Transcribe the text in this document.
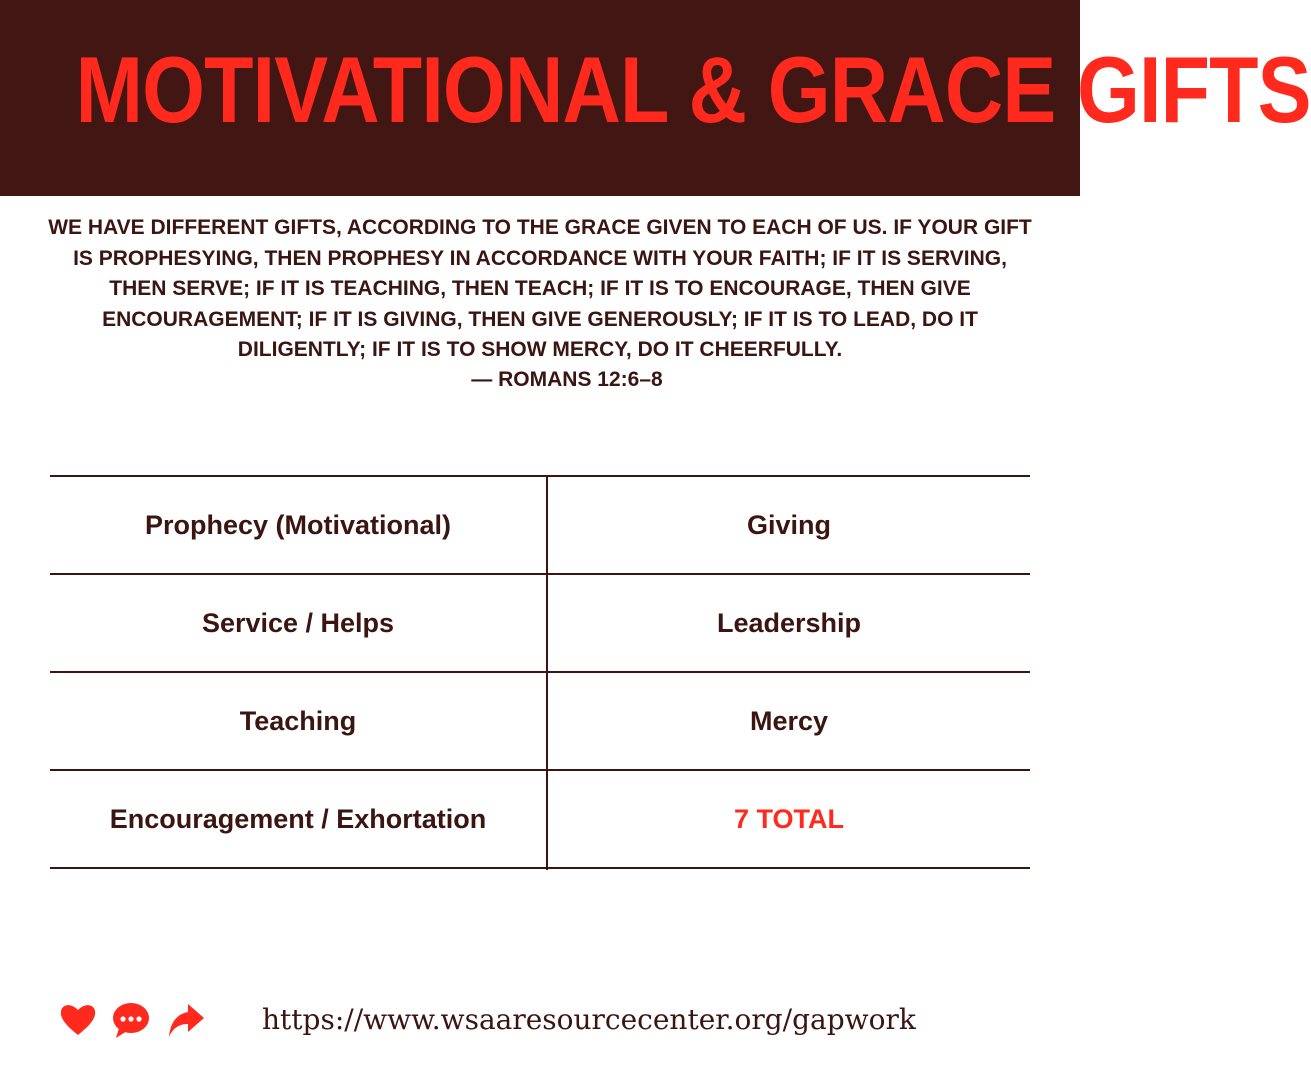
MOTIVATIONAL & GRACE GIFTS
WE HAVE DIFFERENT GIFTS, ACCORDING TO THE GRACE GIVEN TO EACH OF US. IF YOUR GIFT IS PROPHESYING, THEN PROPHESY IN ACCORDANCE WITH YOUR FAITH; IF IT IS SERVING, THEN SERVE; IF IT IS TEACHING, THEN TEACH; IF IT IS TO ENCOURAGE, THEN GIVE ENCOURAGEMENT; IF IT IS GIVING, THEN GIVE GENEROUSLY; IF IT IS TO LEAD, DO IT DILIGENTLY; IF IT IS TO SHOW MERCY, DO IT CHEERFULLY.
— ROMANS 12:6–8
Prophecy (Motivational)	Giving
Service / Helps	Leadership
Teaching	Mercy
Encouragement / Exhortation	7 TOTAL
https://www.wsaaresourcecenter.org/gapwork
